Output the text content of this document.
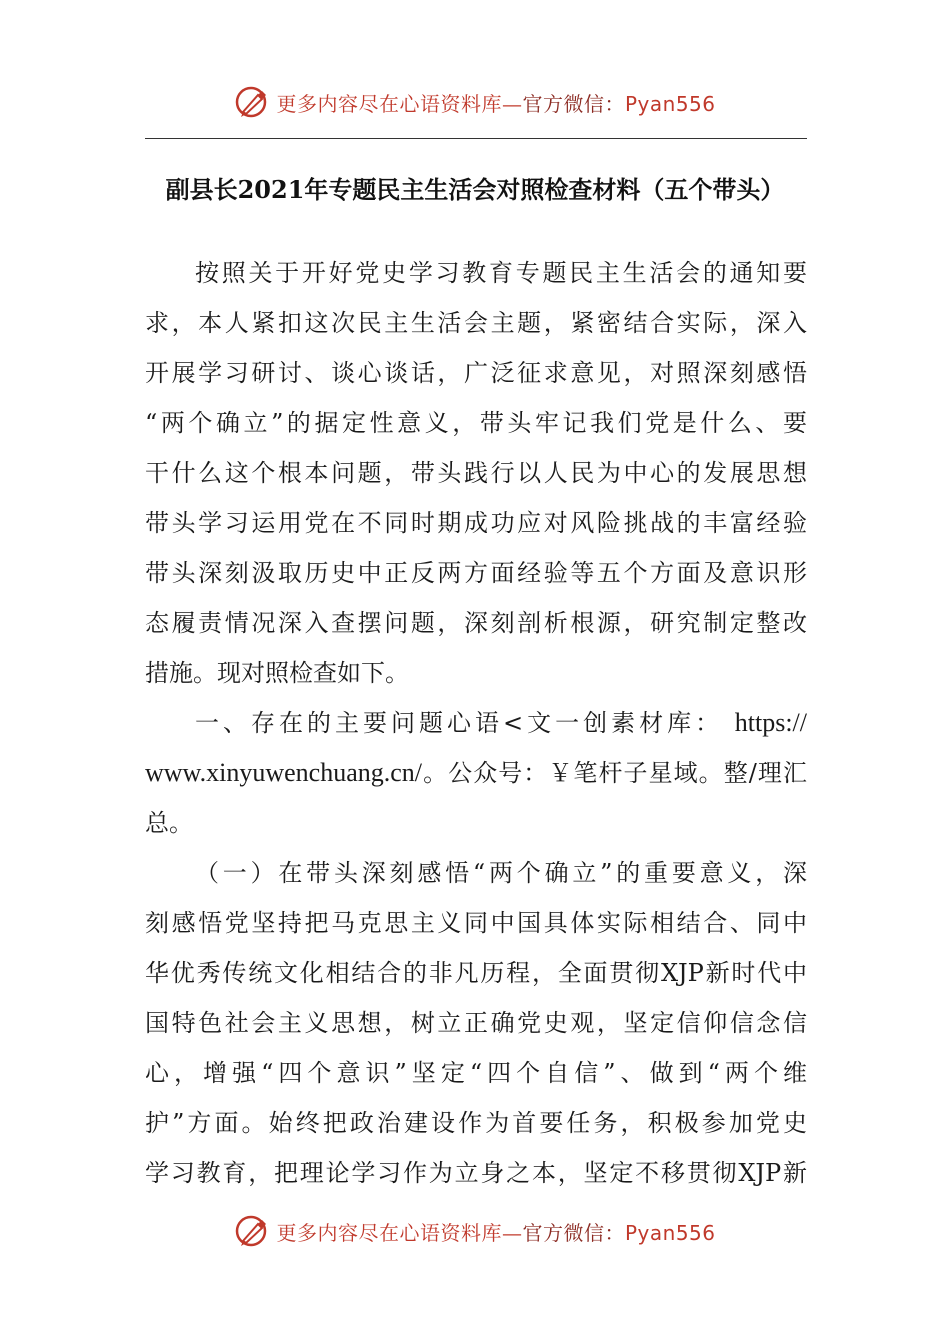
更多内容尽在心语资料库—官方微信：Pyan556
副县长2021年专题民主生活会对照检查材料（五个带头）
按照关于开好党史学习教育专题民主生活会的通知要
求，本人紧扣这次民主生活会主题，紧密结合实际，深入
开展学习研讨、谈心谈话，广泛征求意见，对照深刻感悟
“两个确立”的据定性意义，带头牢记我们党是什么、要
干什么这个根本问题，带头践行以人民为中心的发展思想
带头学习运用党在不同时期成功应对风险挑战的丰富经验
带头深刻汲取历史中正反两方面经验等五个方面及意识形
态履责情况深入查摆问题，深刻剖析根源，研究制定整改
措施。现对照检查如下。
一、存在的主要问题心语<文一创素材库： https://
www.xinyuwenchuang.cn/。公众号：￥笔杆子星域。整/理汇
总。
（一）在带头深刻感悟“两个确立”的重要意义，深
刻感悟党坚持把马克思主义同中国具体实际相结合、同中
华优秀传统文化相结合的非凡历程，全面贯彻XJP新时代中
国特色社会主义思想，树立正确党史观，坚定信仰信念信
心，增强“四个意识”坚定“四个自信”、做到“两个维
护”方面。始终把政治建设作为首要任务，积极参加党史
学习教育，把理论学习作为立身之本，坚定不移贯彻XJP新
更多内容尽在心语资料库—官方微信：Pyan556
